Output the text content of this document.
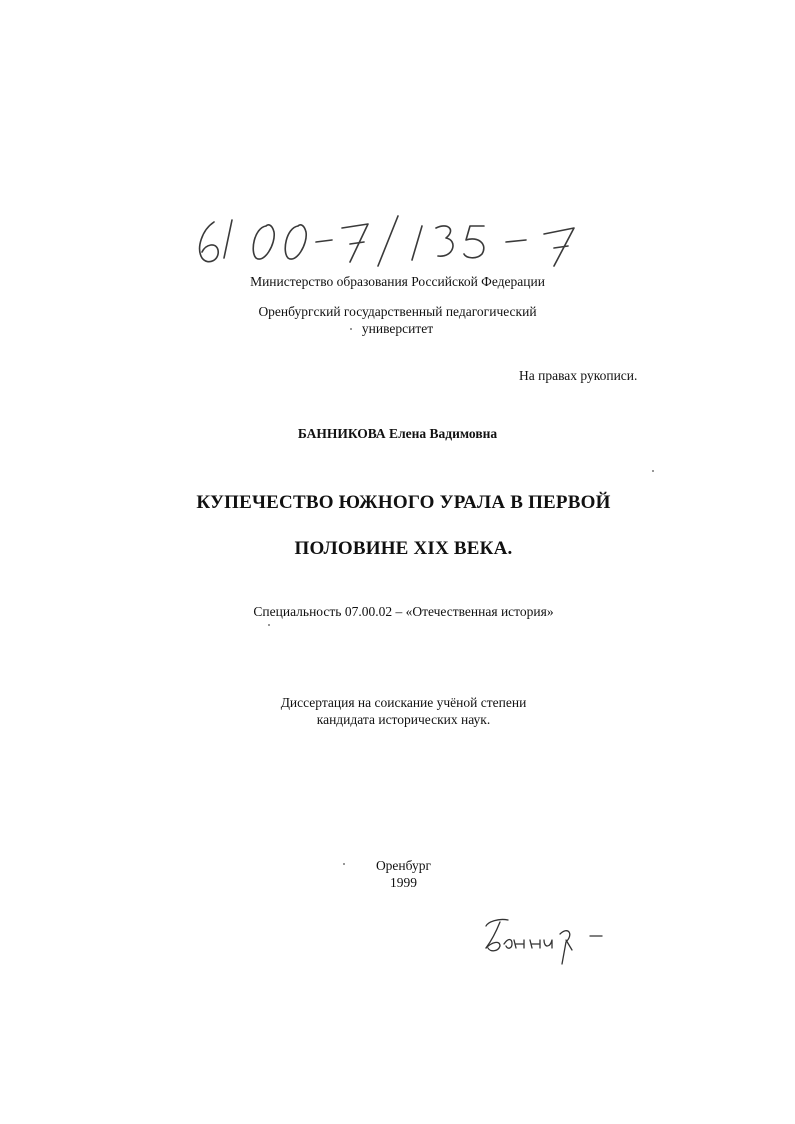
Министерство образования Российской Федерации
Оренбургский государственный педагогический
университет
На правах рукописи.
БАННИКОВА Елена Вадимовна
КУПЕЧЕСТВО ЮЖНОГО УРАЛА В ПЕРВОЙ
ПОЛОВИНЕ XIX ВЕКА.
Специальность 07.00.02 – «Отечественная история»
Диссертация на соискание учёной степени
кандидата исторических наук.
Оренбург
1999
